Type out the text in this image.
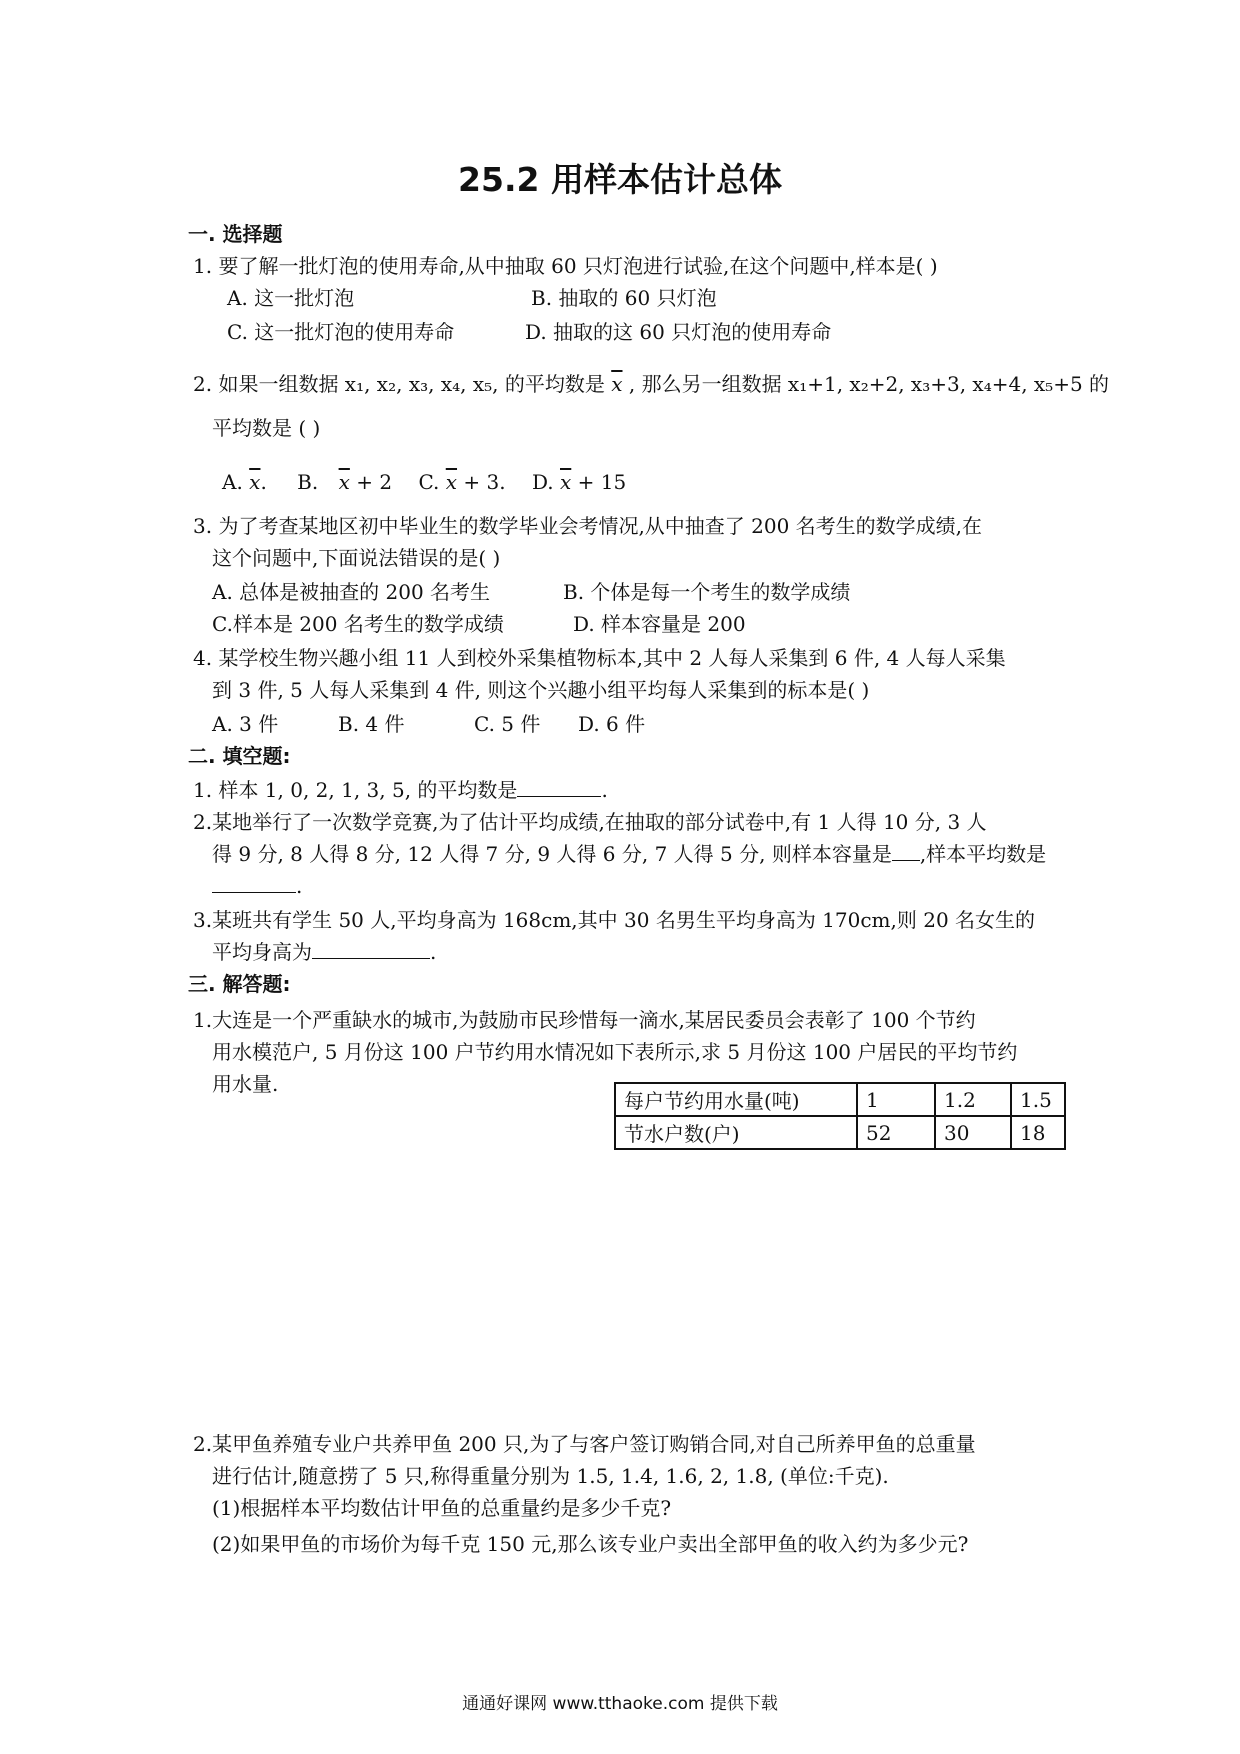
25.2 用样本估计总体
一. 选择题
1. 要了解一批灯泡的使用寿命,从中抽取 60 只灯泡进行试验,在这个问题中,样本是( )
A. 这一批灯泡	B. 抽取的 60 只灯泡
C. 这一批灯泡的使用寿命	D. 抽取的这 60 只灯泡的使用寿命
2. 如果一组数据 x₁, x₂, x₃, x₄, x₅, 的平均数是 $\overline{x}$ , 那么另一组数据 x₁+1, x₂+2, x₃+3, x₄+4, x₅+5 的
平均数是 ( )
A. $\overline{x}$. B. $\overline{x} + 2$ C. $\overline{x} + 3$. D. $\overline{x} + 15$
3. 为了考查某地区初中毕业生的数学毕业会考情况,从中抽查了 200 名考生的数学成绩,在
这个问题中,下面说法错误的是( )
A. 总体是被抽查的 200 名考生	B. 个体是每一个考生的数学成绩
C.样本是 200 名考生的数学成绩	D. 样本容量是 200
4. 某学校生物兴趣小组 11 人到校外采集植物标本,其中 2 人每人采集到 6 件, 4 人每人采集
到 3 件, 5 人每人采集到 4 件, 则这个兴趣小组平均每人采集到的标本是( )
A. 3 件	B. 4 件	C. 5 件 D. 6 件
二. 填空题:
1. 样本 1, 0, 2, 1, 3, 5, 的平均数是	.
2.某地举行了一次数学竞赛,为了估计平均成绩,在抽取的部分试卷中,有 1 人得 10 分, 3 人
得 9 分, 8 人得 8 分, 12 人得 7 分, 9 人得 6 分, 7 人得 5 分, 则样本容量是 ,样本平均数是
.
3.某班共有学生 50 人,平均身高为 168cm,其中 30 名男生平均身高为 170cm,则 20 名女生的
平均身高为	.
三. 解答题:
1.大连是一个严重缺水的城市,为鼓励市民珍惜每一滴水,某居民委员会表彰了 100 个节约
用水模范户, 5 月份这 100 户节约用水情况如下表所示,求 5 月份这 100 户居民的平均节约
用水量.
每户节约用水量(吨)	1	1.2	1.5
节水户数(户)	52	30	18
2.某甲鱼养殖专业户共养甲鱼 200 只,为了与客户签订购销合同,对自己所养甲鱼的总重量
进行估计,随意捞了 5 只,称得重量分别为 1.5, 1.4, 1.6, 2, 1.8, (单位:千克).
(1)根据样本平均数估计甲鱼的总重量约是多少千克?
(2)如果甲鱼的市场价为每千克 150 元,那么该专业户卖出全部甲鱼的收入约为多少元?
通通好课网 www.tthaoke.com 提供下载
